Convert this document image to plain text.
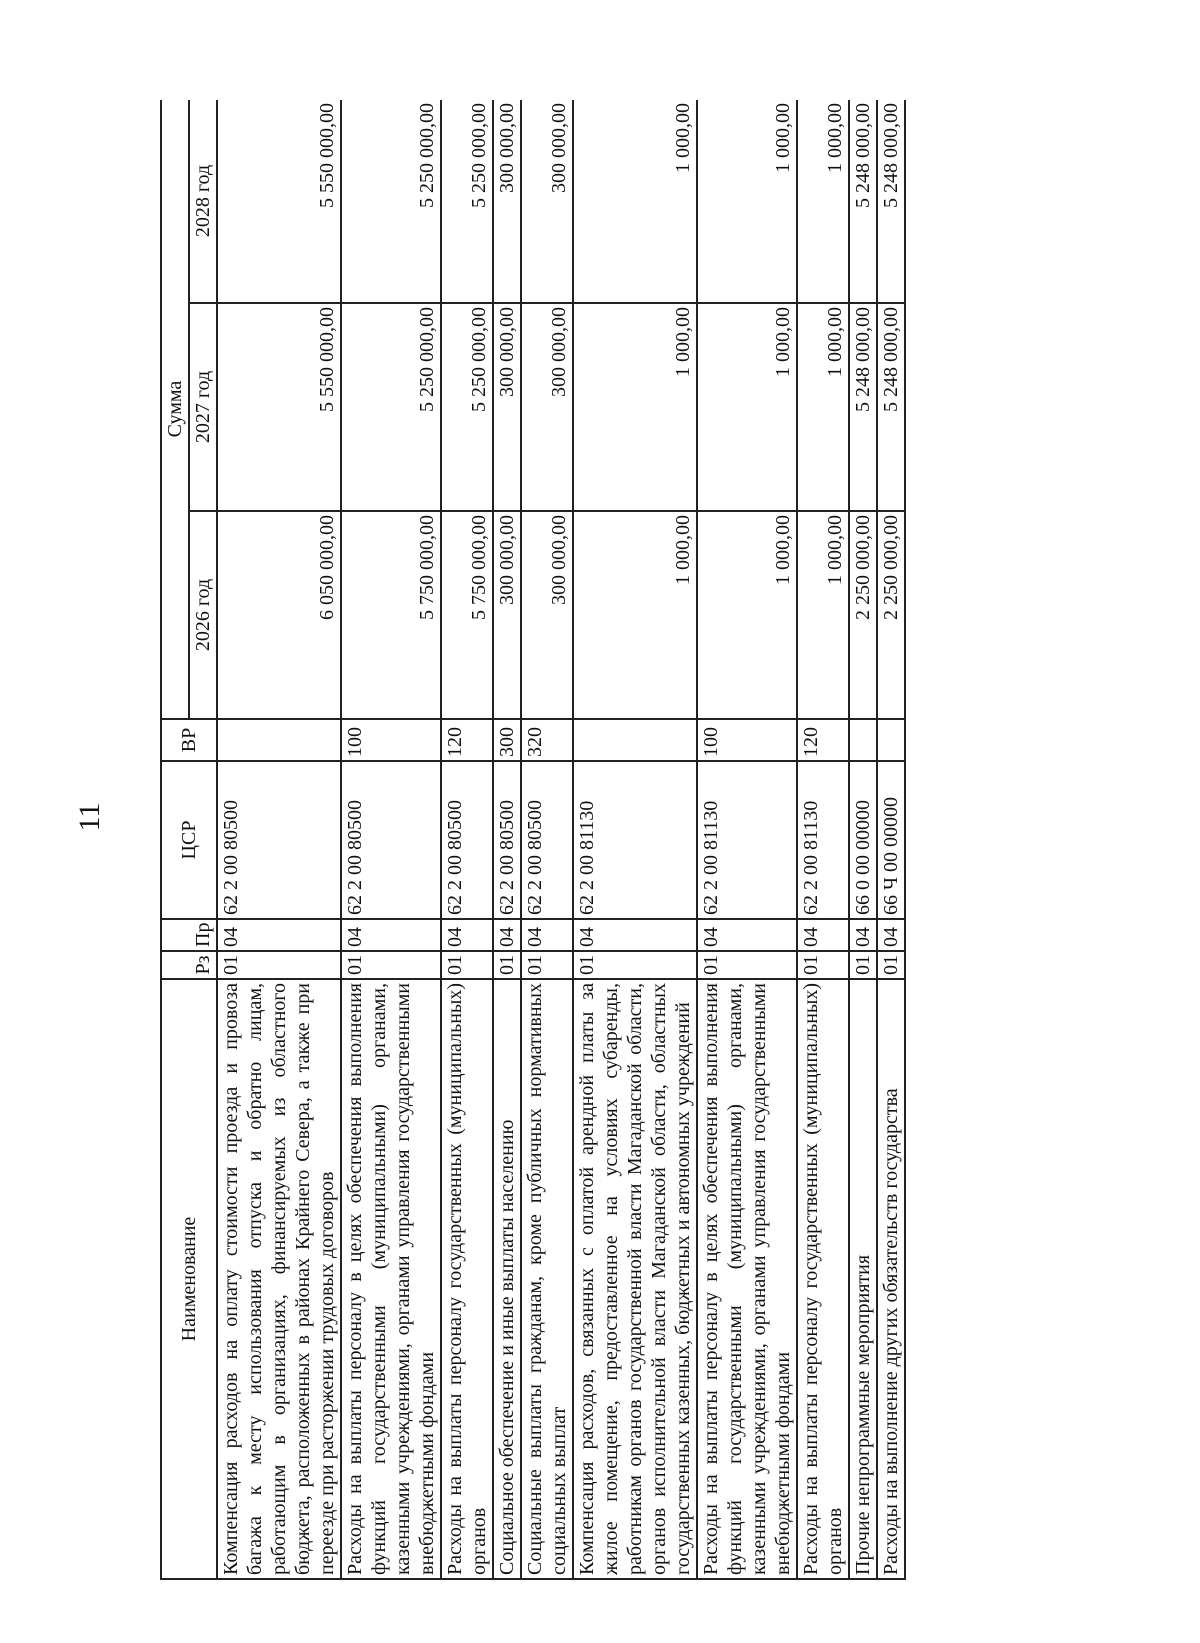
11
Наименование	Рз	Пр	ЦСР	ВР	Сумма		
					2026 год	2027 год	2028 год
Компенсация расходов на оплату стоимости проезда и провоза багажа к месту использования отпуска и обратно лицам, работающим в организациях, финансируемых из областного бюджета, расположенных в районах Крайнего Севера, а также при переезде при расторжении трудовых договоров	01	04	62 2 00 80500		6 050 000,00	5 550 000,00	5 550 000,00
Расходы на выплаты персоналу в целях обеспечения выполнения функций государственными (муниципальными) органами, казенными учреждениями, органами управления государственными внебюджетными фондами	01	04	62 2 00 80500	100	5 750 000,00	5 250 000,00	5 250 000,00
Расходы на выплаты персоналу государственных (муниципальных) органов	01	04	62 2 00 80500	120	5 750 000,00	5 250 000,00	5 250 000,00
Социальное обеспечение и иные выплаты населению	01	04	62 2 00 80500	300	300 000,00	300 000,00	300 000,00
Социальные выплаты гражданам, кроме публичных нормативных социальных выплат	01	04	62 2 00 80500	320	300 000,00	300 000,00	300 000,00
Компенсация расходов, связанных с оплатой арендной платы за жилое помещение, предоставленное на условиях субаренды, работникам органов государственной власти Магаданской области, органов исполнительной власти Магаданской области, областных государственных казенных, бюджетных и автономных учреждений	01	04	62 2 00 81130		1 000,00	1 000,00	1 000,00
Расходы на выплаты персоналу в целях обеспечения выполнения функций государственными (муниципальными) органами, казенными учреждениями, органами управления государственными внебюджетными фондами	01	04	62 2 00 81130	100	1 000,00	1 000,00	1 000,00
Расходы на выплаты персоналу государственных (муниципальных) органов	01	04	62 2 00 81130	120	1 000,00	1 000,00	1 000,00
Прочие непрограммные мероприятия	01	04	66 0 00 00000		2 250 000,00	5 248 000,00	5 248 000,00
Расходы на выполнение других обязательств государства	01	04	66 Ч 00 00000		2 250 000,00	5 248 000,00	5 248 000,00
